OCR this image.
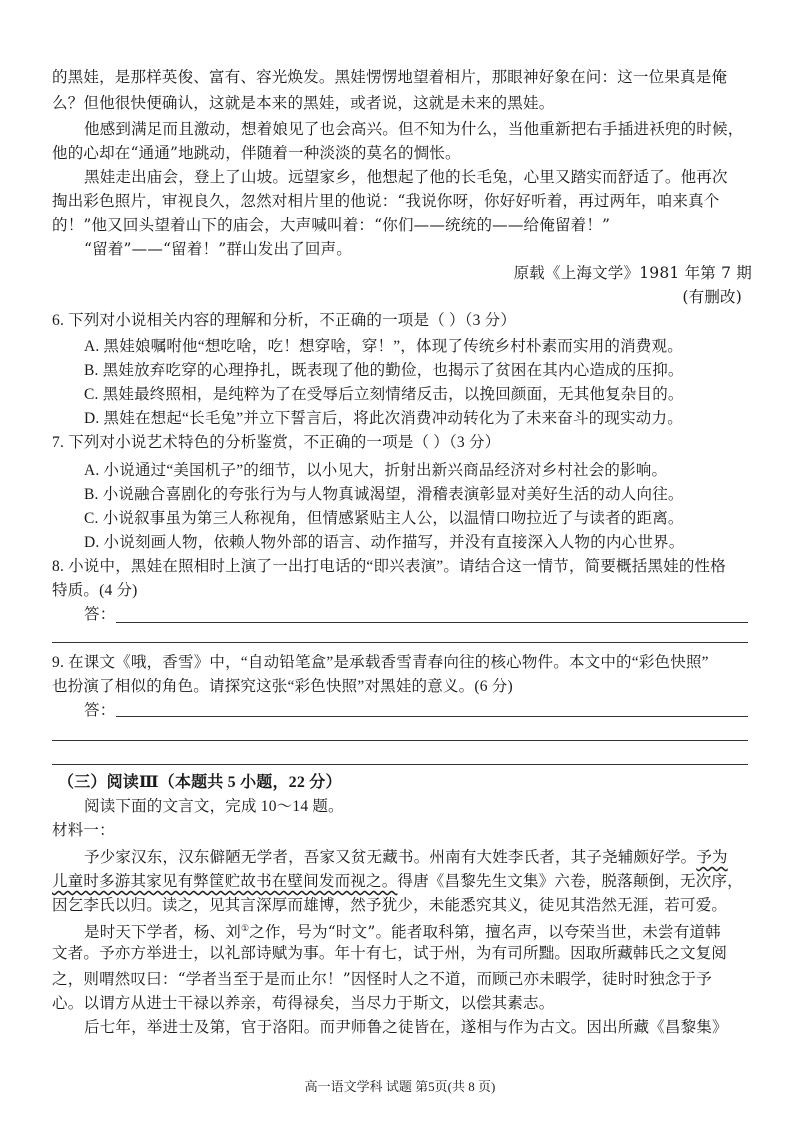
的黑娃，是那样英俊、富有、容光焕发。黑娃愣愣地望着相片，那眼神好象在问：这一位果真是俺
么？但他很快便确认，这就是本来的黑娃，或者说，这就是未来的黑娃。
他感到满足而且激动，想着娘见了也会高兴。但不知为什么，当他重新把右手插进袄兜的时候，
他的心却在“通通”地跳动，伴随着一种淡淡的莫名的惆怅。
黑娃走出庙会，登上了山坡。远望家乡，他想起了他的长毛兔，心里又踏实而舒适了。他再次
掏出彩色照片，审视良久，忽然对相片里的他说：“我说你呀，你好好听着，再过两年，咱来真个
的！”他又回头望着山下的庙会，大声喊叫着：“你们——统统的——给俺留着！”
“留着”——“留着！”群山发出了回声。
原载《上海文学》1981 年第 7 期
(有删改)
6. 下列对小说相关内容的理解和分析，不正确的一项是（ ）（3 分）
A. 黑娃娘嘱咐他“想吃啥，吃！想穿啥，穿！”，体现了传统乡村朴素而实用的消费观。
B. 黑娃放弃吃穿的心理挣扎，既表现了他的勤俭，也揭示了贫困在其内心造成的压抑。
C. 黑娃最终照相，是纯粹为了在受辱后立刻情绪反击，以挽回颜面，无其他复杂目的。
D. 黑娃在想起“长毛兔”并立下誓言后，将此次消费冲动转化为了未来奋斗的现实动力。
7. 下列对小说艺术特色的分析鉴赏，不正确的一项是（ ）（3 分）
A. 小说通过“美国机子”的细节，以小见大，折射出新兴商品经济对乡村社会的影响。
B. 小说融合喜剧化的夸张行为与人物真诚渴望，滑稽表演彰显对美好生活的动人向往。
C. 小说叙事虽为第三人称视角，但情感紧贴主人公，以温情口吻拉近了与读者的距离。
D. 小说刻画人物，依赖人物外部的语言、动作描写，并没有直接深入人物的内心世界。
8. 小说中，黑娃在照相时上演了一出打电话的“即兴表演”。请结合这一情节，简要概括黑娃的性格
特质。(4 分)
答：
9. 在课文《哦，香雪》中，“自动铅笔盒”是承载香雪青春向往的核心物件。本文中的“彩色快照”
也扮演了相似的角色。请探究这张“彩色快照”对黑娃的意义。(6 分)
答：
（三）阅读Ⅲ（本题共 5 小题，22 分）
阅读下面的文言文，完成 10～14 题。
材料一：
予少家汉东，汉东僻陋无学者，吾家又贫无藏书。州南有大姓李氏者，其子尧辅颇好学。予为
儿童时多游其家见有弊筐贮故书在壁间发而视之。得唐《昌黎先生文集》六卷，脱落颠倒，无次序，
因乞李氏以归。读之，见其言深厚而雄博，然予犹少，未能悉究其义，徒见其浩然无涯，若可爱。
是时天下学者，杨、刘①之作，号为“时文”。能者取科第，擅名声，以夸荣当世，未尝有道韩
文者。予亦方举进士，以礼部诗赋为事。年十有七，试于州，为有司所黜。因取所藏韩氏之文复阅
之，则喟然叹曰：“学者当至于是而止尔！”因怪时人之不道，而顾己亦未暇学，徒时时独念于予
心。以谓方从进士干禄以养亲，苟得禄矣，当尽力于斯文，以偿其素志。
后七年，举进士及第，官于洛阳。而尹师鲁之徒皆在，遂相与作为古文。因出所藏《昌黎集》
高一语文学科 试题 第5页(共 8 页)
